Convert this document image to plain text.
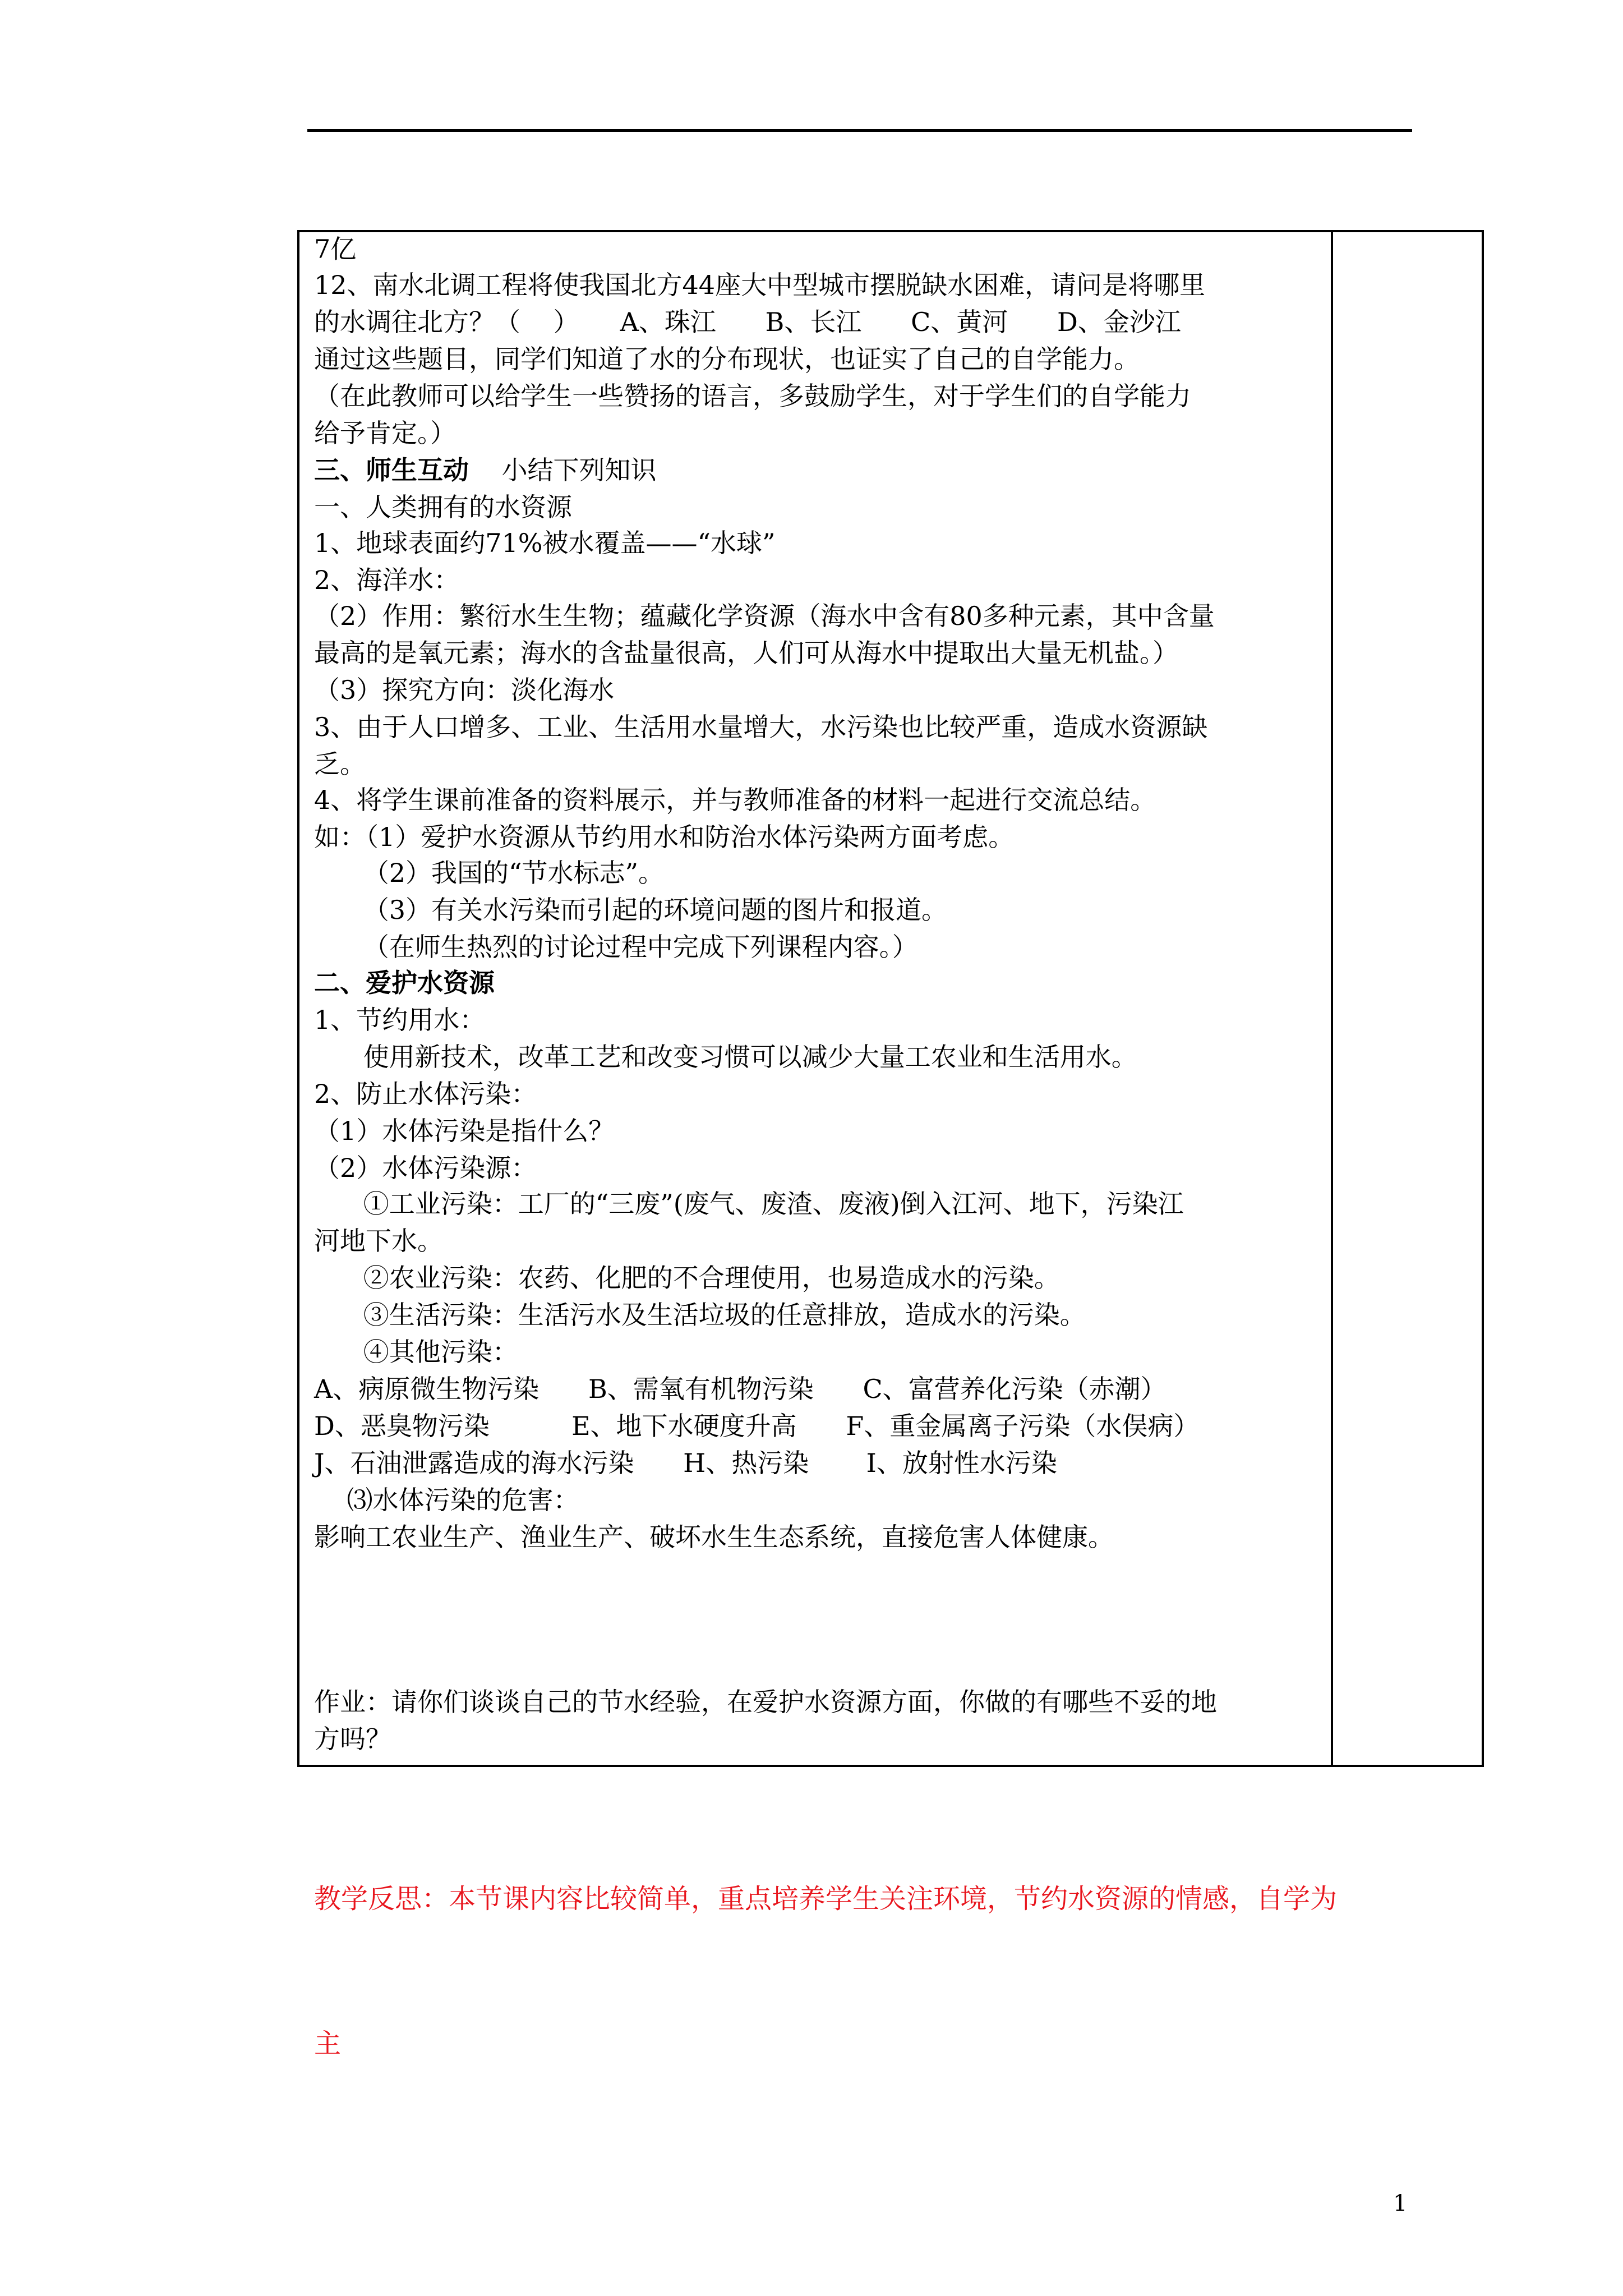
7亿
12、南水北调工程将使我国北方44座大中型城市摆脱缺水困难，请问是将哪里
的水调往北方？（    ）     A、珠江      B、长江      C、黄河      D、金沙江
通过这些题目，同学们知道了水的分布现状，也证实了自己的自学能力。
（在此教师可以给学生一些赞扬的语言，多鼓励学生，对于学生们的自学能力
给予肯定。）
三、师生互动    小结下列知识
一、人类拥有的水资源
1、地球表面约71%被水覆盖——“水球”
2、海洋水：
（2）作用：繁衍水生生物；蕴藏化学资源（海水中含有80多种元素，其中含量
最高的是氧元素；海水的含盐量很高，人们可从海水中提取出大量无机盐。）
（3）探究方向：淡化海水
3、由于人口增多、工业、生活用水量增大，水污染也比较严重，造成水资源缺
乏。
4、将学生课前准备的资料展示，并与教师准备的材料一起进行交流总结。
如：（1）爱护水资源从节约用水和防治水体污染两方面考虑。
（2）我国的“节水标志”。
（3）有关水污染而引起的环境问题的图片和报道。
（在师生热烈的讨论过程中完成下列课程内容。）
二、爱护水资源
1、节约用水：
使用新技术，改革工艺和改变习惯可以减少大量工农业和生活用水。
2、防止水体污染：
（1）水体污染是指什么？
（2）水体污染源：
①工业污染：工厂的“三废”(废气、废渣、废液)倒入江河、地下，污染江
河地下水。
②农业污染：农药、化肥的不合理使用，也易造成水的污染。
③生活污染：生活污水及生活垃圾的任意排放，造成水的污染。
④其他污染：
A、病原微生物污染      B、需氧有机物污染      C、富营养化污染（赤潮）
D、恶臭物污染          E、地下水硬度升高      F、重金属离子污染（水俣病）
J、石油泄露造成的海水污染      H、热污染       I、放射性水污染
⑶水体污染的危害：
影响工农业生产、渔业生产、破坏水生生态系统，直接危害人体健康。
作业：请你们谈谈自己的节水经验，在爱护水资源方面，你做的有哪些不妥的地
方吗？

教学反思：本节课内容比较简单，重点培养学生关注环境，节约水资源的情感，自学为

主

1
